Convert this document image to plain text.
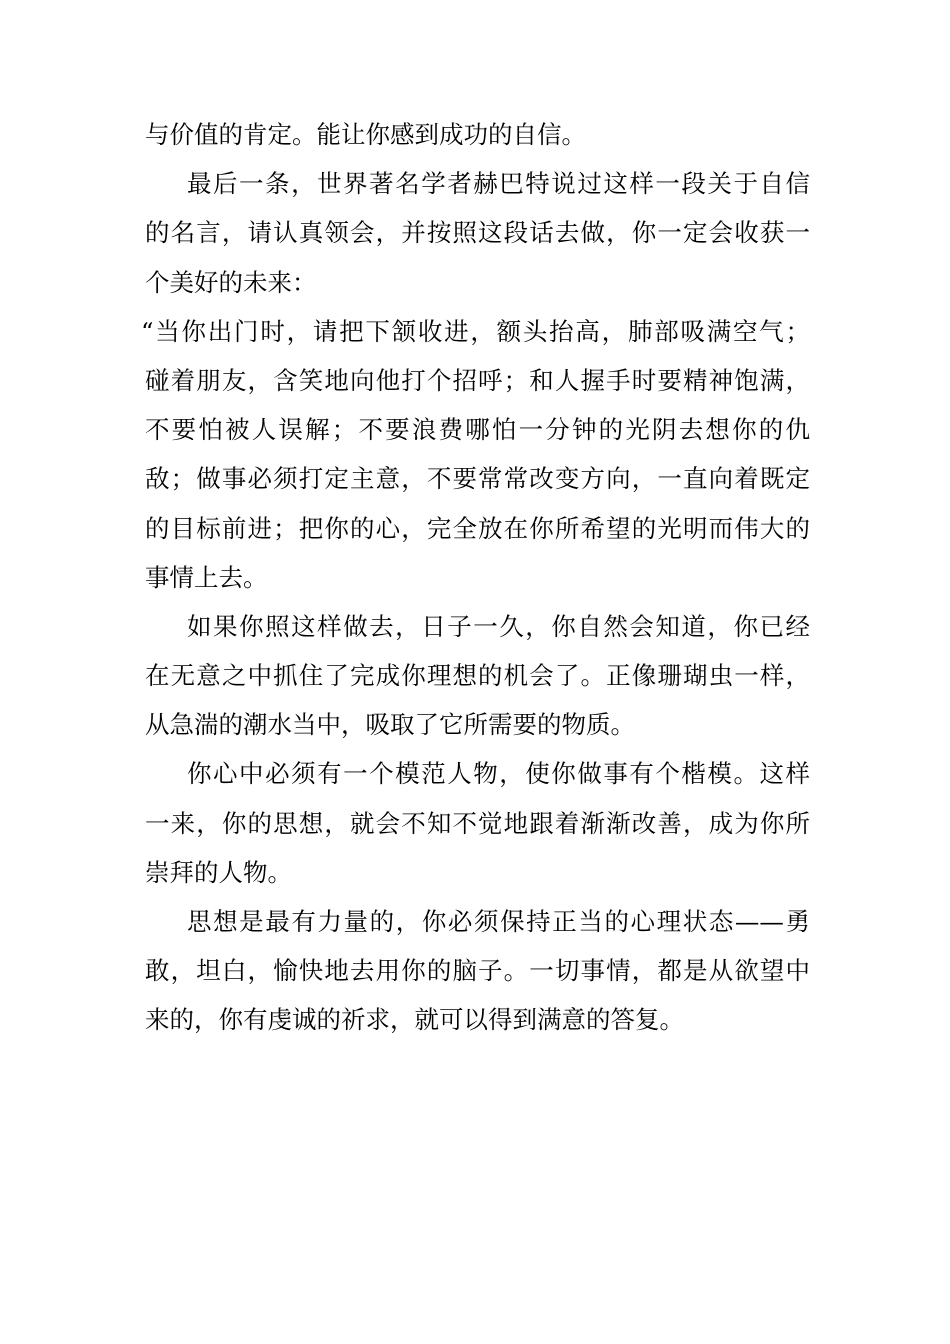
与价值的肯定。能让你感到成功的自信。
最后一条，世界著名学者赫巴特说过这样一段关于自信
的名言，请认真领会，并按照这段话去做，你一定会收获一
个美好的未来：
“当你出门时，请把下颔收进，额头抬高，肺部吸满空气；
碰着朋友，含笑地向他打个招呼；和人握手时要精神饱满，
不要怕被人误解；不要浪费哪怕一分钟的光阴去想你的仇
敌；做事必须打定主意，不要常常改变方向，一直向着既定
的目标前进；把你的心，完全放在你所希望的光明而伟大的
事情上去。
如果你照这样做去，日子一久，你自然会知道，你已经
在无意之中抓住了完成你理想的机会了。正像珊瑚虫一样，
从急湍的潮水当中，吸取了它所需要的物质。
你心中必须有一个模范人物，使你做事有个楷模。这样
一来，你的思想，就会不知不觉地跟着渐渐改善，成为你所
崇拜的人物。
思想是最有力量的，你必须保持正当的心理状态——勇
敢，坦白，愉快地去用你的脑子。一切事情，都是从欲望中
来的，你有虔诚的祈求，就可以得到满意的答复。
